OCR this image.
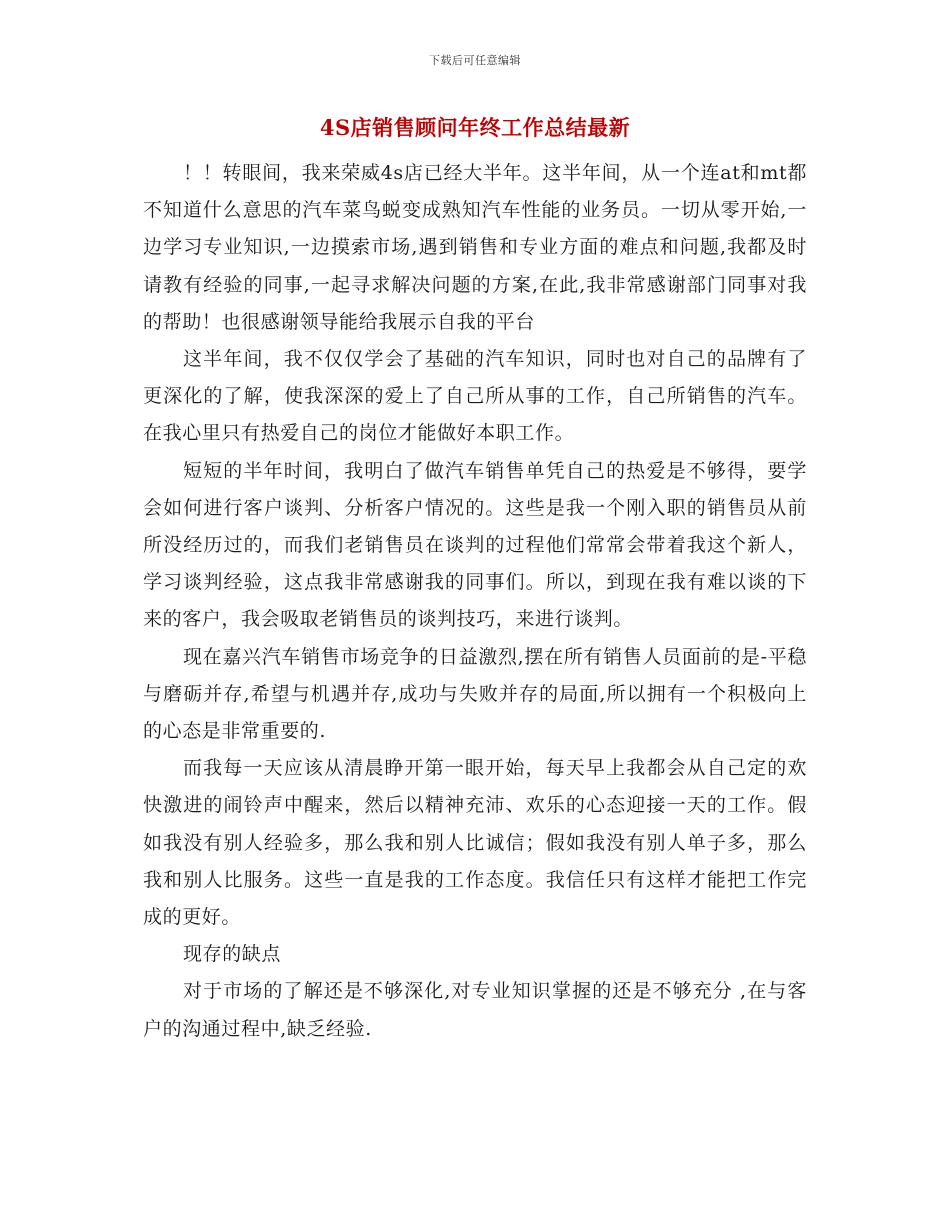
下载后可任意编辑
4S店销售顾问年终工作总结最新

！！转眼间，我来荣威4s店已经大半年。这半年间，从一个连at和mt都不知道什么意思的汽车菜鸟蜕变成熟知汽车性能的业务员。一切从零开始,一边学习专业知识,一边摸索市场,遇到销售和专业方面的难点和问题,我都及时请教有经验的同事,一起寻求解决问题的方案,在此,我非常感谢部门同事对我的帮助！也很感谢领导能给我展示自我的平台

这半年间，我不仅仅学会了基础的汽车知识，同时也对自己的品牌有了更深化的了解，使我深深的爱上了自己所从事的工作，自己所销售的汽车。在我心里只有热爱自己的岗位才能做好本职工作。

短短的半年时间，我明白了做汽车销售单凭自己的热爱是不够得，要学会如何进行客户谈判、分析客户情况的。这些是我一个刚入职的销售员从前所没经历过的，而我们老销售员在谈判的过程他们常常会带着我这个新人，学习谈判经验，这点我非常感谢我的同事们。所以，到现在我有难以谈的下来的客户，我会吸取老销售员的谈判技巧，来进行谈判。

现在嘉兴汽车销售市场竞争的日益激烈,摆在所有销售人员面前的是-平稳与磨砺并存,希望与机遇并存,成功与失败并存的局面,所以拥有一个积极向上的心态是非常重要的.

而我每一天应该从清晨睁开第一眼开始，每天早上我都会从自己定的欢快激进的闹铃声中醒来，然后以精神充沛、欢乐的心态迎接一天的工作。假如我没有别人经验多，那么我和别人比诚信；假如我没有别人单子多，那么我和别人比服务。这些一直是我的工作态度。我信任只有这样才能把工作完成的更好。

现存的缺点

对于市场的了解还是不够深化,对专业知识掌握的还是不够充分 ,在与客户的沟通过程中,缺乏经验.
